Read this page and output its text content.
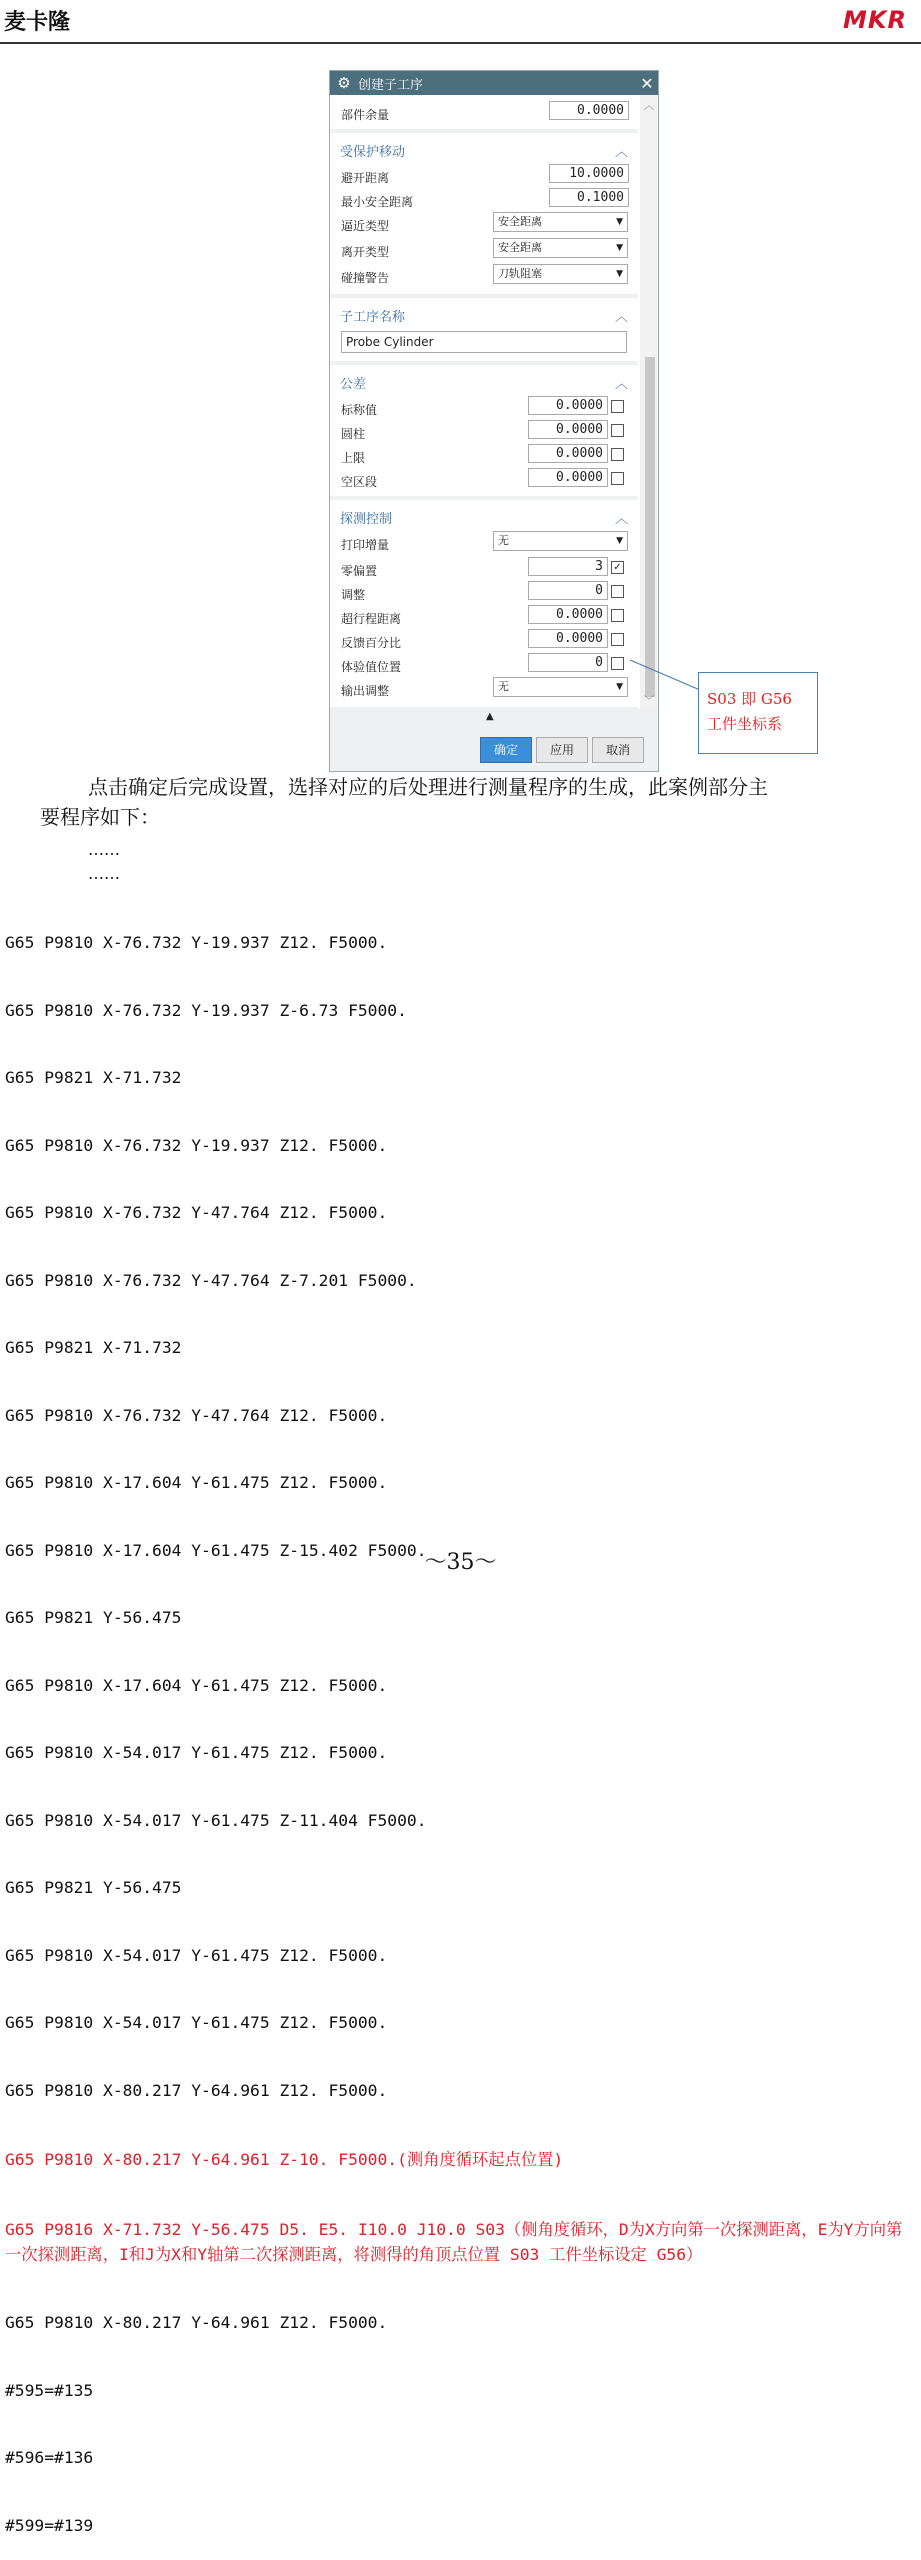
麦卡隆	MKR
⚙ 创建子工序	✕
部件余量	0.0000
受保护移动	︿
避开距离	10.0000
最小安全距离	0.1000
逼近类型	安全距离	▼
离开类型	安全距离	▼
碰撞警告	刀轨阻塞	▼
子工序名称	︿
Probe Cylinder
公差	︿
标称值	0.0000
圆柱	0.0000
上限	0.0000
空区段	0.0000
探测控制	︿
打印增量	无	▼
零偏置	3	✓
调整	0
超行程距离	0.0000
反馈百分比	0.0000
体验值位置	0
输出调整	无	▼
︿
﹀
▲
确定	应用	取消
S03 即 G56
工件坐标系
点击确定后完成设置，选择对应的后处理进行测量程序的生成，此案例部分主
要程序如下：
……
……

G65 P9810 X-76.732 Y-19.937 Z12. F5000.

G65 P9810 X-76.732 Y-19.937 Z-6.73 F5000.

G65 P9821 X-71.732

G65 P9810 X-76.732 Y-19.937 Z12. F5000.

G65 P9810 X-76.732 Y-47.764 Z12. F5000.

G65 P9810 X-76.732 Y-47.764 Z-7.201 F5000.

G65 P9821 X-71.732

G65 P9810 X-76.732 Y-47.764 Z12. F5000.

G65 P9810 X-17.604 Y-61.475 Z12. F5000.

G65 P9810 X-17.604 Y-61.475 Z-15.402 F5000.

G65 P9821 Y-56.475

G65 P9810 X-17.604 Y-61.475 Z12. F5000.

G65 P9810 X-54.017 Y-61.475 Z12. F5000.

G65 P9810 X-54.017 Y-61.475 Z-11.404 F5000.

G65 P9821 Y-56.475

G65 P9810 X-54.017 Y-61.475 Z12. F5000.

G65 P9810 X-54.017 Y-61.475 Z12. F5000.

G65 P9810 X-80.217 Y-64.961 Z12. F5000.

G65 P9810 X-80.217 Y-64.961 Z-10. F5000.(测角度循环起点位置)

G65 P9816 X-71.732 Y-56.475 D5. E5. I10.0 J10.0 S03（侧角度循环，D为X方向第一次探测距离，E为Y方向第一次探测距离，I和J为X和Y轴第二次探测距离，将测得的角顶点位置 S03 工件坐标设定 G56）

G65 P9810 X-80.217 Y-64.961 Z12. F5000.

#595=#135

#596=#136

#599=#139

～35～
